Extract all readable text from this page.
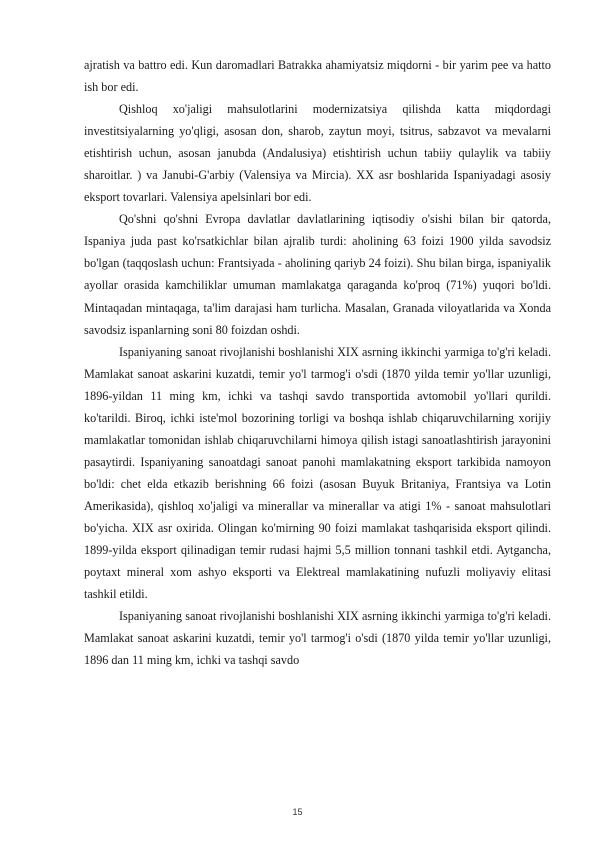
ajratish va battro edi. Kun daromadlari Batrakka ahamiyatsiz miqdorni - bir yarim pee va hatto ish bor edi.

Qishloq xo'jaligi mahsulotlarini modernizatsiya qilishda katta miqdordagi investitsiyalarning yo'qligi, asosan don, sharob, zaytun moyi, tsitrus, sabzavot va mevalarni etishtirish uchun, asosan janubda (Andalusiya) etishtirish uchun tabiiy qulaylik va tabiiy sharoitlar. ) va Janubi-G'arbiy (Valensiya va Mircia). XX asr boshlarida Ispaniyadagi asosiy eksport tovarlari. Valensiya apelsinlari bor edi.

Qo'shni qo'shni Evropa davlatlar davlatlarining iqtisodiy o'sishi bilan bir qatorda, Ispaniya juda past ko'rsatkichlar bilan ajralib turdi: aholining 63 foizi 1900 yilda savodsiz bo'lgan (taqqoslash uchun: Frantsiyada - aholining qariyb 24 foizi). Shu bilan birga, ispaniyalik ayollar orasida kamchiliklar umuman mamlakatga qaraganda ko'proq (71%) yuqori bo'ldi. Mintaqadan mintaqaga, ta'lim darajasi ham turlicha. Masalan, Granada viloyatlarida va Xonda savodsiz ispanlarning soni 80 foizdan oshdi.

Ispaniyaning sanoat rivojlanishi boshlanishi XIX asrning ikkinchi yarmiga to'g'ri keladi. Mamlakat sanoat askarini kuzatdi, temir yo'l tarmog'i o'sdi (1870 yilda temir yo'llar uzunligi, 1896-yildan 11 ming km, ichki va tashqi savdo transportida avtomobil yo'llari qurildi. ko'tarildi. Biroq, ichki iste'mol bozorining torligi va boshqa ishlab chiqaruvchilarning xorijiy mamlakatlar tomonidan ishlab chiqaruvchilarni himoya qilish istagi sanoatlashtirish jarayonini pasaytirdi. Ispaniyaning sanoatdagi sanoat panohi mamlakatning eksport tarkibida namoyon bo'ldi: chet elda etkazib berishning 66 foizi (asosan Buyuk Britaniya, Frantsiya va Lotin Amerikasida), qishloq xo'jaligi va minerallar va minerallar va atigi 1% - sanoat mahsulotlari bo'yicha. XIX asr oxirida. Olingan ko'mirning 90 foizi mamlakat tashqarisida eksport qilindi. 1899-yilda eksport qilinadigan temir rudasi hajmi 5,5 million tonnani tashkil etdi. Aytgancha, poytaxt mineral xom ashyo eksporti va Elektreal mamlakatining nufuzli moliyaviy elitasi tashkil etildi.

Ispaniyaning sanoat rivojlanishi boshlanishi XIX asrning ikkinchi yarmiga to'g'ri keladi. Mamlakat sanoat askarini kuzatdi, temir yo'l tarmog'i o'sdi (1870 yilda temir yo'llar uzunligi, 1896 dan 11 ming km, ichki va tashqi savdo

15
